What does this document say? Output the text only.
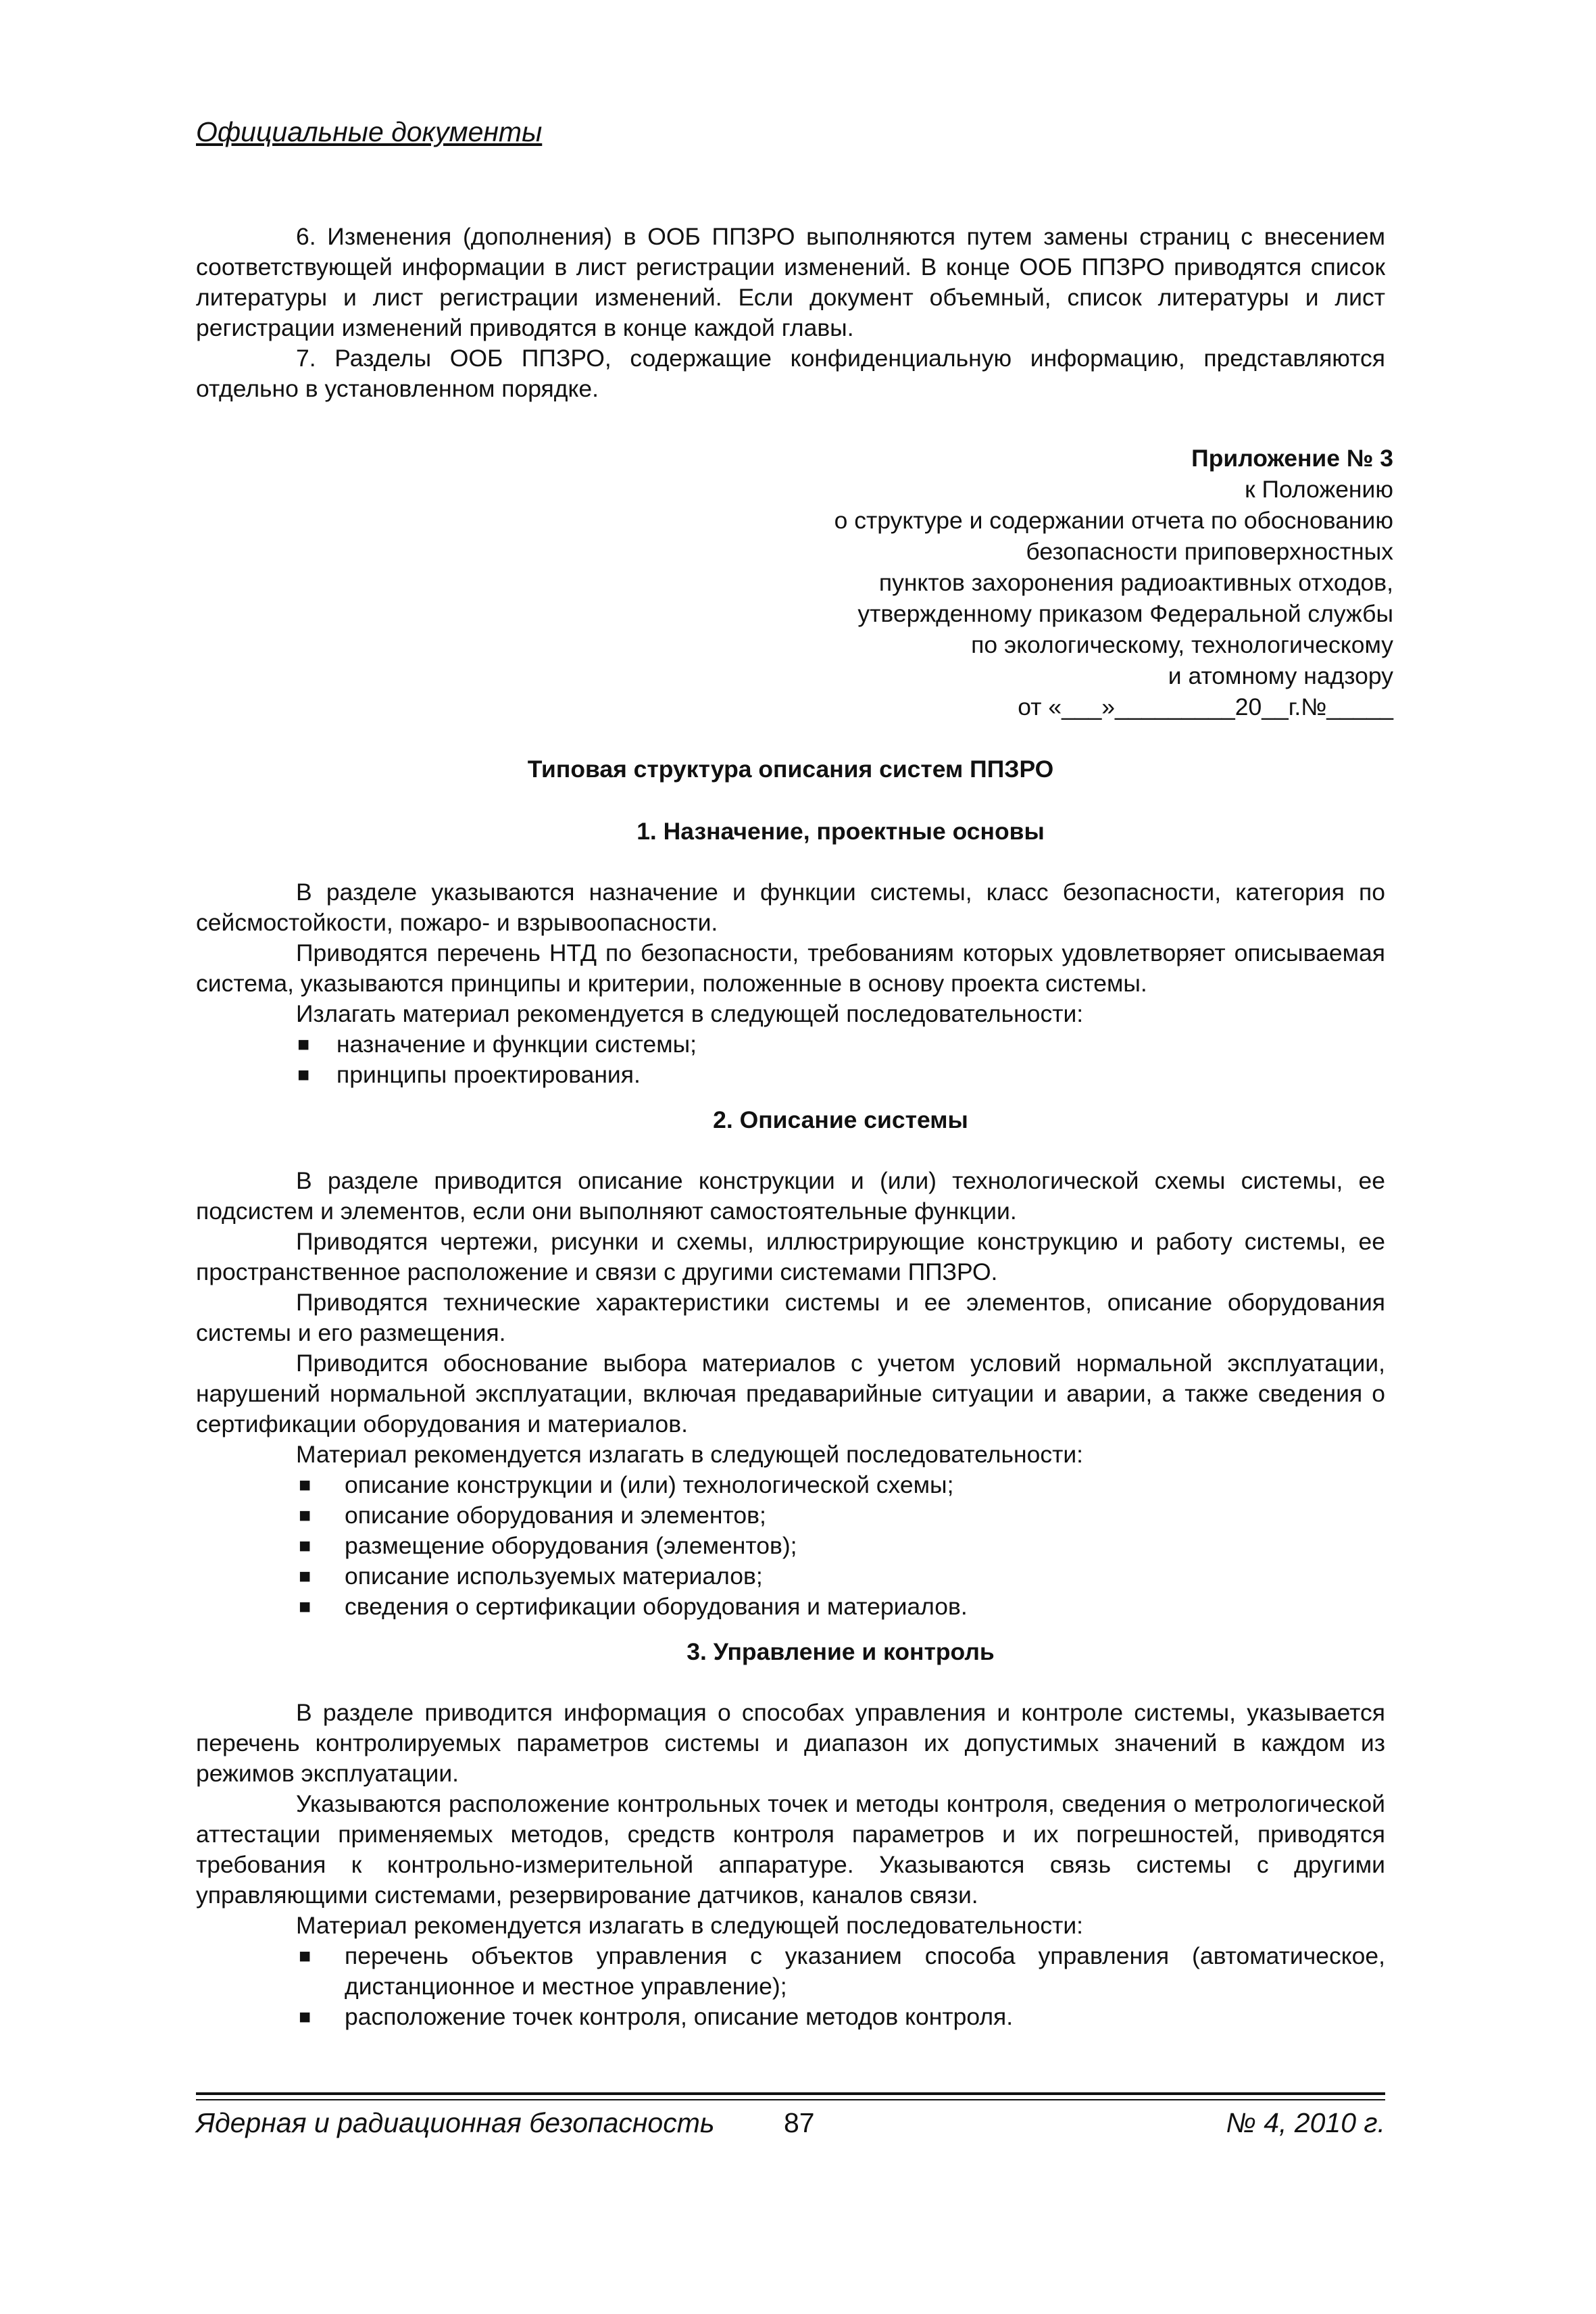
Официальные документы

6. Изменения (дополнения) в ООБ ППЗРО выполняются путем замены страниц с внесением соответствующей информации в лист регистрации изменений. В конце ООБ ППЗРО приводятся список литературы и лист регистрации изменений. Если документ объемный, список литературы и лист регистрации изменений приводятся в конце каждой главы.

7. Разделы ООБ ППЗРО, содержащие конфиденциальную информацию, представляются отдельно в установленном порядке.

Приложение № 3
к Положению
о структуре и содержании отчета по обоснованию
безопасности приповерхностных
пунктов захоронения радиоактивных отходов,
утвержденному приказом Федеральной службы
по экологическому, технологическому
и атомному надзору
от «___»_________20__г.№_____
Типовая структура описания систем ППЗРО

1. Назначение, проектные основы

В разделе указываются назначение и функции системы, класс безопасности, категория по сейсмостойкости, пожаро- и взрывоопасности.

Приводятся перечень НТД по безопасности, требованиям которых удовлетворяет описываемая система, указываются принципы и критерии, положенные в основу проекта системы.

Излагать материал рекомендуется в следующей последовательности:

■ назначение и функции системы;
■ принципы проектирования.

2. Описание системы

В разделе приводится описание конструкции и (или) технологической схемы системы, ее подсистем и элементов, если они выполняют самостоятельные функции.

Приводятся чертежи, рисунки и схемы, иллюстрирующие конструкцию и работу системы, ее пространственное расположение и связи с другими системами ППЗРО.

Приводятся технические характеристики системы и ее элементов, описание оборудования системы и его размещения.

Приводится обоснование выбора материалов с учетом условий нормальной эксплуатации, нарушений нормальной эксплуатации, включая предаварийные ситуации и аварии, а также сведения о сертификации оборудования и материалов.

Материал рекомендуется излагать в следующей последовательности:

■ описание конструкции и (или) технологической схемы;
■ описание оборудования и элементов;
■ размещение оборудования (элементов);
■ описание используемых материалов;
■ сведения о сертификации оборудования и материалов.

3. Управление и контроль

В разделе приводится информация о способах управления и контроле системы, указывается перечень контролируемых параметров системы и диапазон их допустимых значений в каждом из режимов эксплуатации.

Указываются расположение контрольных точек и методы контроля, сведения о метрологической аттестации применяемых методов, средств контроля параметров и их погрешностей, приводятся требования к контрольно-измерительной аппаратуре. Указываются связь системы с другими управляющими системами, резервирование датчиков, каналов связи.

Материал рекомендуется излагать в следующей последовательности:

■ перечень объектов управления с указанием способа управления (автоматическое, дистанционное и местное управление);
■ расположение точек контроля, описание методов контроля.
Ядерная и радиационная безопасность	87	№ 4, 2010 г.
